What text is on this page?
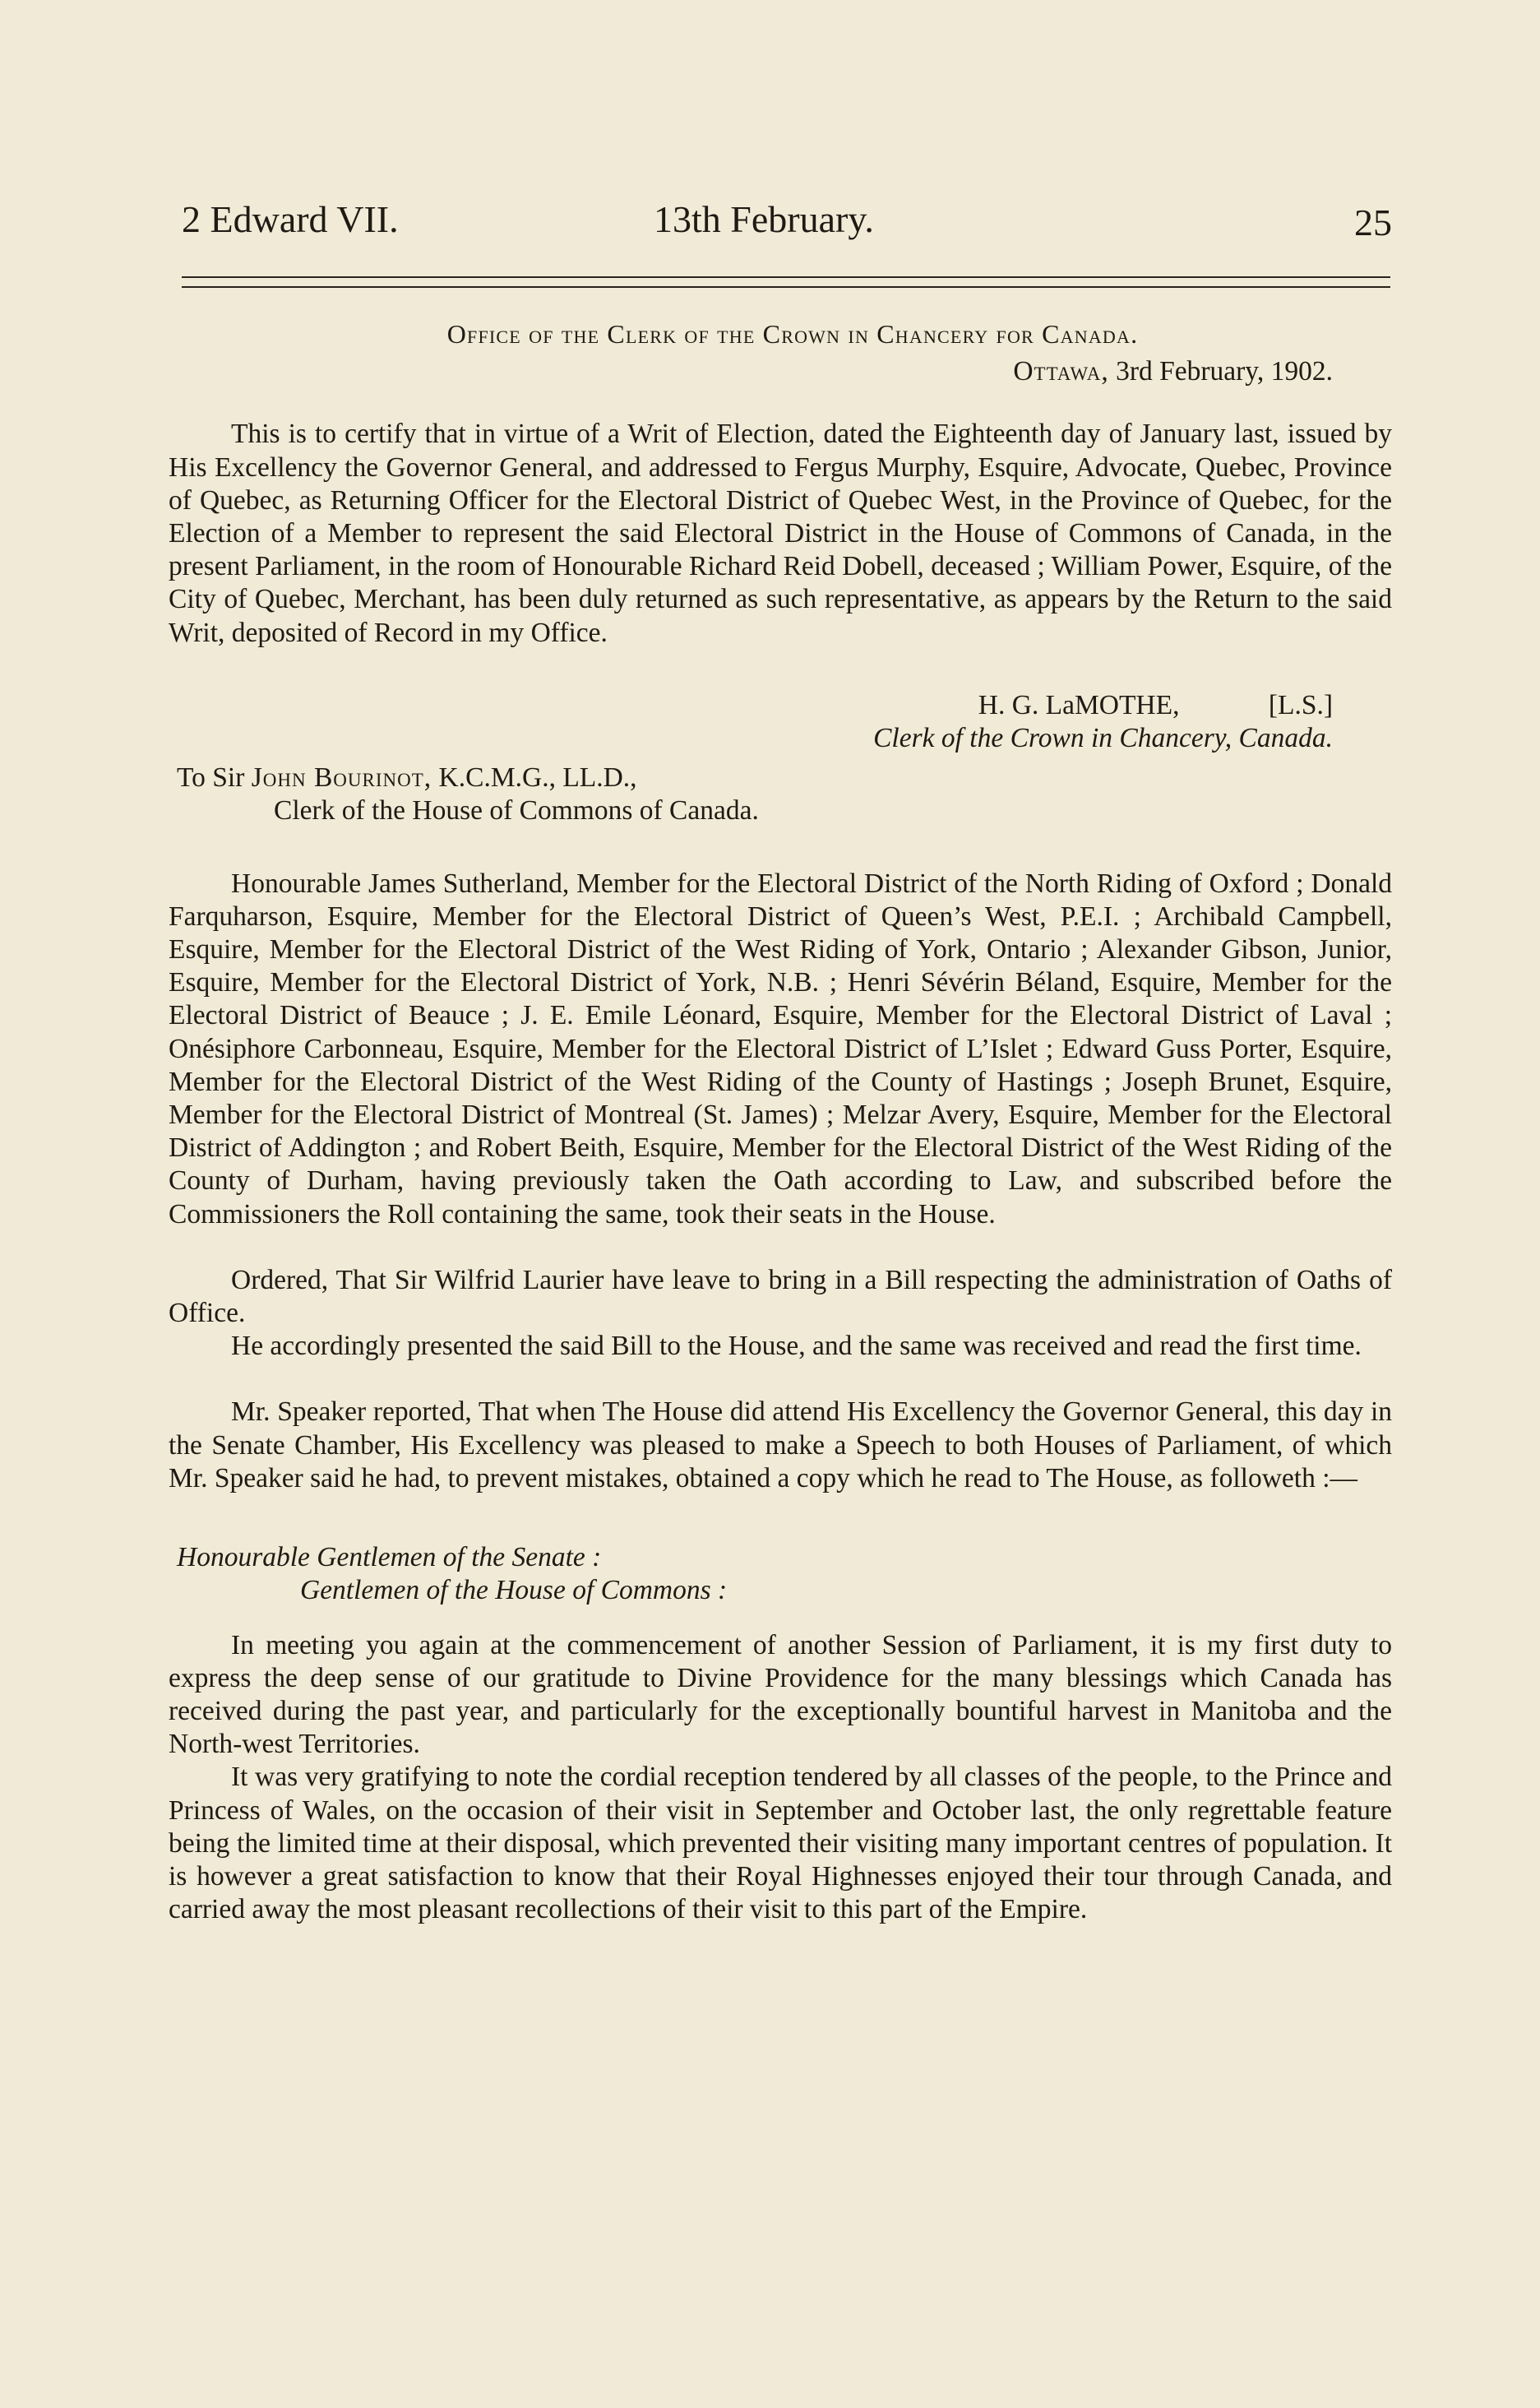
2 Edward VII.	13th February.	25
Office of the Clerk of the Crown in Chancery for Canada.
Ottawa, 3rd February, 1902.

This is to certify that in virtue of a Writ of Election, dated the Eighteenth day of January last, issued by His Excellency the Governor General, and addressed to Fergus Murphy, Esquire, Advocate, Quebec, Province of Quebec, as Returning Officer for the Electoral District of Quebec West, in the Province of Quebec, for the Election of a Member to represent the said Electoral District in the House of Commons of Canada, in the present Parliament, in the room of Honourable Richard Reid Dobell, deceased ; William Power, Esquire, of the City of Quebec, Merchant, has been duly returned as such representative, as appears by the Return to the said Writ, deposited of Record in my Office.

H. G. LaMOTHE,	[L.S.]
Clerk of the Crown in Chancery, Canada.
To Sir John Bourinot, K.C.M.G., LL.D.,
Clerk of the House of Commons of Canada.

Honourable James Sutherland, Member for the Electoral District of the North Riding of Oxford ; Donald Farquharson, Esquire, Member for the Electoral District of Queen’s West, P.E.I. ; Archibald Campbell, Esquire, Member for the Electoral District of the West Riding of York, Ontario ; Alexander Gibson, Junior, Esquire, Member for the Electoral District of York, N.B. ; Henri Sévérin Béland, Esquire, Member for the Electoral District of Beauce ; J. E. Emile Léonard, Esquire, Member for the Electoral District of Laval ; Onésiphore Carbonneau, Esquire, Member for the Electoral District of L’Islet ; Edward Guss Porter, Esquire, Member for the Electoral District of the West Riding of the County of Hastings ; Joseph Brunet, Esquire, Member for the Electoral District of Montreal (St. James) ; Melzar Avery, Esquire, Member for the Electoral District of Addington ; and Robert Beith, Esquire, Member for the Electoral District of the West Riding of the County of Durham, having previously taken the Oath according to Law, and subscribed before the Commissioners the Roll containing the same, took their seats in the House.

Ordered, That Sir Wilfrid Laurier have leave to bring in a Bill respecting the administration of Oaths of Office.

He accordingly presented the said Bill to the House, and the same was received and read the first time.

Mr. Speaker reported, That when The House did attend His Excellency the Governor General, this day in the Senate Chamber, His Excellency was pleased to make a Speech to both Houses of Parliament, of which Mr. Speaker said he had, to prevent mistakes, obtained a copy which he read to The House, as followeth :—

Honourable Gentlemen of the Senate :
Gentlemen of the House of Commons :

In meeting you again at the commencement of another Session of Parliament, it is my first duty to express the deep sense of our gratitude to Divine Providence for the many blessings which Canada has received during the past year, and particularly for the exceptionally bountiful harvest in Manitoba and the North-west Territories.

It was very gratifying to note the cordial reception tendered by all classes of the people, to the Prince and Princess of Wales, on the occasion of their visit in September and October last, the only regrettable feature being the limited time at their disposal, which prevented their visiting many important centres of population. It is however a great satisfaction to know that their Royal Highnesses enjoyed their tour through Canada, and carried away the most pleasant recollections of their visit to this part of the Empire.
